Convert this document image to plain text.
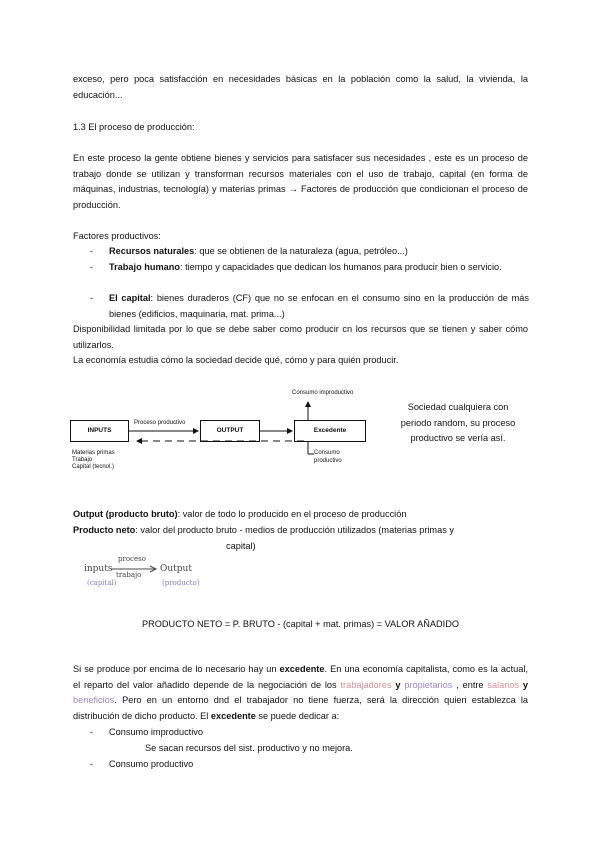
exceso, pero poca satisfacción en necesidades básicas en la población como la salud, la vivienda, la
educación...
1.3 El proceso de producción:
En este proceso la gente obtiene bienes y servicios para satisfacer sus necesidades , este es un proceso de trabajo donde se utilizan y transforman recursos materiales con el uso de trabajo, capital (en forma de máquinas, industrias, tecnología) y materias primas → Factores de producción que condicionan el proceso de producción.
Factores productivos:
- Recursos naturales: que se obtienen de la naturaleza (agua, petróleo...)
- Trabajo humano: tiempo y capacidades que dedican los humanos para producir bien o servicio.
- El capital: bienes duraderos (CF) que no se enfocan en el consumo sino en la producción de más bienes (edificios, maquinaria, mat. prima...)
Disponibilidad limitada por lo que se debe saber como producir cn los recursos que se tienen y saber cómo utilizarlos.
La economía estudia cómo la sociedad decide qué, cómo y para quién producir.
INPUTS	OUTPUT	Excedente
Proceso productivo
Consumo improductivo
Consumo
productivo
Materias primas
Trabajo
Capital (tecnol.)
Sociedad cualquiera con periodo random, su proceso productivo se vería así.
Output (producto bruto): valor de todo lo producido en el proceso de producción
Producto neto: valor del producto bruto - medios de producción utilizados (materias primas y
capital)
inputs
(capital)
proceso
trabajo
Output
(producto)
PRODUCTO NETO = P. BRUTO - (capital + mat. primas) = VALOR AÑADIDO
Si se produce por encima de lo necesario hay un excedente. En una economía capitalista, como es la actual, el reparto del valor añadido depende de la negociación de los trabajadores y propietarios , entre salarios y beneficios. Pero en un entorno dnd el trabajador no tiene fuerza, será la dirección quien establezca la distribución de dicho producto. El excedente se puede dedicar a:
- Consumo improductivo
Se sacan recursos del sist. productivo y no mejora.
- Consumo productivo
